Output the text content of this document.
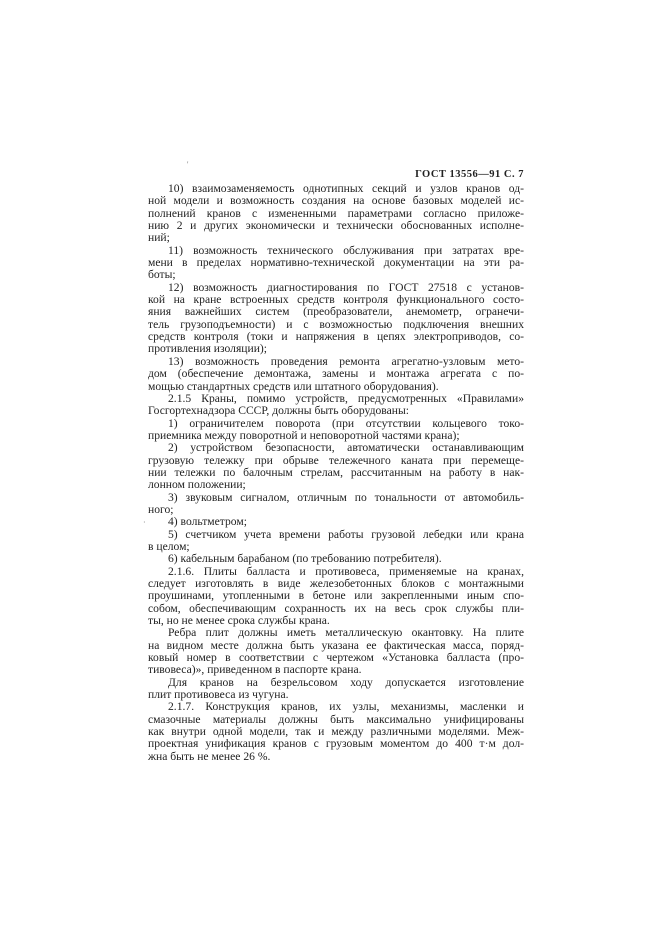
'
·
ГОСТ 13556—91 С. 7
10) взаимозаменяемость однотипных секций и узлов кранов од-
ной модели и возможность создания на основе базовых моделей ис-
полнений кранов с измененными параметрами согласно приложе-
нию 2 и других экономически и технически обоснованных исполне-
ний;
11) возможность технического обслуживания при затратах вре-
мени в пределах нормативно-технической документации на эти ра-
боты;
12) возможность диагностирования по ГОСТ 27518 с установ-
кой на кране встроенных средств контроля функционального состо-
яния важнейших систем (преобразователи, анемометр, огранечи-
тель грузоподъемности) и с возможностью подключения внешних
средств контроля (токи и напряжения в цепях электроприводов, со-
противления изоляции);
13) возможность проведения ремонта агрегатно-узловым мето-
дом (обеспечение демонтажа, замены и монтажа агрегата с по-
мощью стандартных средств или штатного оборудования).
2.1.5 Краны, помимо устройств, предусмотренных «Правилами»
Госгортехнадзора СССР, должны быть оборудованы:
1) ограничителем поворота (при отсутствии кольцевого токо-
приемника между поворотной и неповоротной частями крана);
2) устройством безопасности, автоматически останавливающим
грузовую тележку при обрыве тележечного каната при перемеще-
нии тележки по балочным стрелам, рассчитанным на работу в нак-
лонном положении;
3) звуковым сигналом, отличным по тональности от автомобиль-
ного;
4) вольтметром;
5) счетчиком учета времени работы грузовой лебедки или крана
в целом;
6) кабельным барабаном (по требованию потребителя).
2.1.6. Плиты балласта и противовеса, применяемые на кранах,
следует изготовлять в виде железобетонных блоков с монтажными
проушинами, утопленными в бетоне или закрепленными иным спо-
собом, обеспечивающим сохранность их на весь срок службы пли-
ты, но не менее срока службы крана.
Ребра плит должны иметь металлическую окантовку. На плите
на видном месте должна быть указана ее фактическая масса, поряд-
ковый номер в соответствии с чертежом «Установка балласта (про-
тивовеса)», приведенном в паспорте крана.
Для кранов на безрельсовом ходу допускается изготовление
плит противовеса из чугуна.
2.1.7. Конструкция кранов, их узлы, механизмы, масленки и
смазочные материалы должны быть максимально унифицированы
как внутри одной модели, так и между различными моделями. Меж-
проектная унификация кранов с грузовым моментом до 400 т·м дол-
жна быть не менее 26 %.
